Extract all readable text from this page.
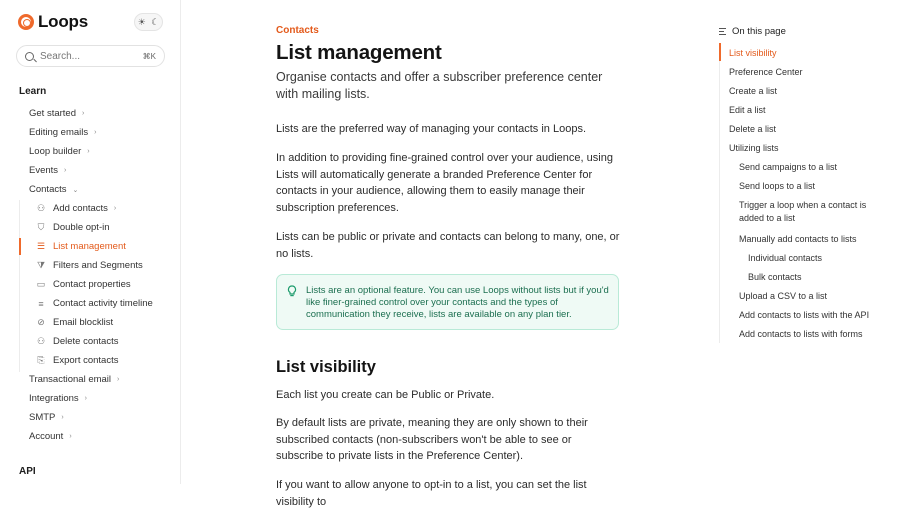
Loops	☀ ☾
Search...	⌘K
Learn
Get started ›
Editing emails ›
Loop builder ›
Events ›
Contacts ⌄
⚇ Add contacts ›
⛉ Double opt-in
☰ List management
⧩ Filters and Segments
▭ Contact properties
≡ Contact activity timeline
⊘ Email blocklist
⚇ Delete contacts
⎘ Export contacts
Transactional email ›
Integrations ›
SMTP ›
Account ›
API
Contacts
List management

Organise contacts and offer a subscriber preference center with mailing lists.

Lists are the preferred way of managing your contacts in Loops.

In addition to providing fine-grained control over your audience, using Lists will automatically generate a branded Preference Center for contacts in your audience, allowing them to easily manage their subscription preferences.

Lists can be public or private and contacts can belong to many, one, or no lists.

Lists are an optional feature. You can use Loops without lists but if you'd like finer-grained control over your contacts and the types of communication they receive, lists are available on any plan tier.
List visibility

Each list you create can be Public or Private.

By default lists are private, meaning they are only shown to their subscribed contacts (non-subscribers won't be able to see or subscribe to private lists in the Preference Center).

If you want to allow anyone to opt-in to a list, you can set the list visibility to

On this page
List visibility
Preference Center
Create a list
Edit a list
Delete a list
Utilizing lists
Send campaigns to a list
Send loops to a list
Trigger a loop when a contact is added to a list
Manually add contacts to lists
Individual contacts
Bulk contacts
Upload a CSV to a list
Add contacts to lists with the API
Add contacts to lists with forms
